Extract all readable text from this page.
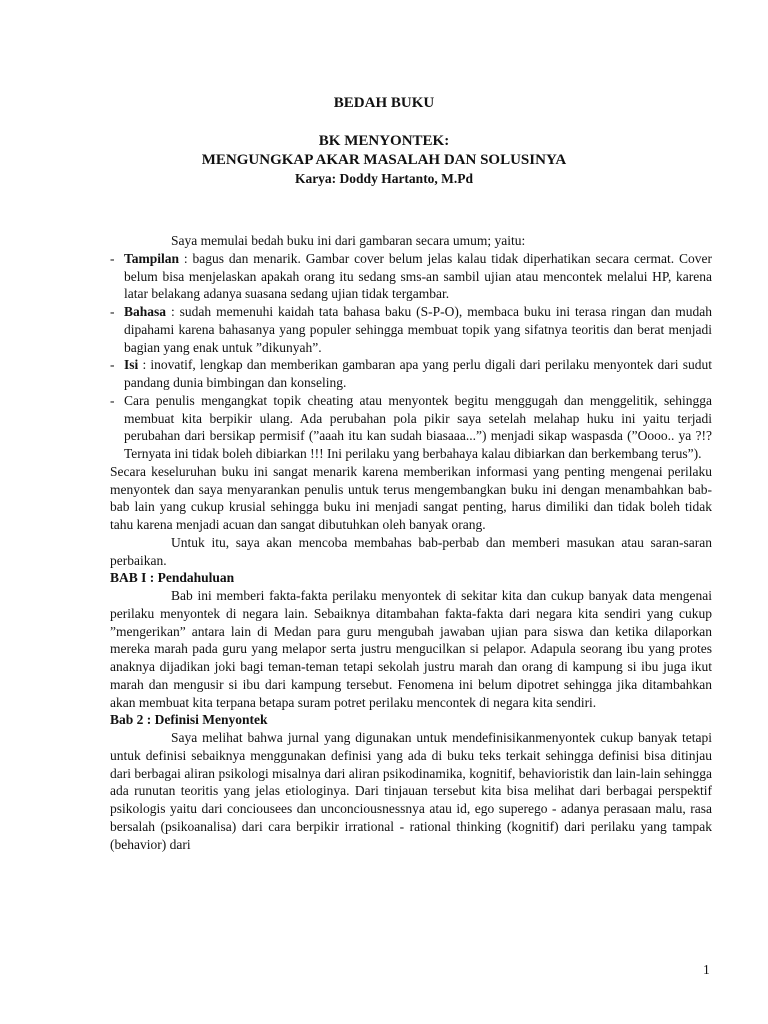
BEDAH BUKU
BK MENYONTEK:
MENGUNGKAP AKAR MASALAH DAN SOLUSINYA
Karya: Doddy Hartanto, M.Pd

Saya memulai bedah buku ini dari gambaran secara umum; yaitu:

- Tampilan : bagus dan menarik. Gambar cover belum jelas kalau tidak diperhatikan secara cermat. Cover belum bisa menjelaskan apakah orang itu sedang sms-an sambil ujian atau mencontek melalui HP, karena latar belakang adanya suasana sedang ujian tidak tergambar.
- Bahasa : sudah memenuhi kaidah tata bahasa baku (S-P-O), membaca buku ini terasa ringan dan mudah dipahami karena bahasanya yang populer sehingga membuat topik yang sifatnya teoritis dan berat menjadi bagian yang enak untuk ”dikunyah”.
- Isi : inovatif, lengkap dan memberikan gambaran apa yang perlu digali dari perilaku menyontek dari sudut pandang dunia bimbingan dan konseling.
- Cara penulis mengangkat topik cheating atau menyontek begitu menggugah dan menggelitik, sehingga membuat kita berpikir ulang. Ada perubahan pola pikir saya setelah melahap huku ini yaitu terjadi perubahan dari bersikap permisif (”aaah itu kan sudah biasaaa...”) menjadi sikap waspasda (”Oooo.. ya ?!? Ternyata ini tidak boleh dibiarkan !!! Ini perilaku yang berbahaya kalau dibiarkan dan berkembang terus”).

Secara keseluruhan buku ini sangat menarik karena memberikan informasi yang penting mengenai perilaku menyontek dan saya menyarankan penulis untuk terus mengembangkan buku ini dengan menambahkan bab-bab lain yang cukup krusial sehingga buku ini menjadi sangat penting, harus dimiliki dan tidak boleh tidak tahu karena menjadi acuan dan sangat dibutuhkan oleh banyak orang.

Untuk itu, saya akan mencoba membahas bab-perbab dan memberi masukan atau saran-saran perbaikan.

BAB I : Pendahuluan

Bab ini memberi fakta-fakta perilaku menyontek di sekitar kita dan cukup banyak data mengenai perilaku menyontek di negara lain. Sebaiknya ditambahan fakta-fakta dari negara kita sendiri yang cukup ”mengerikan” antara lain di Medan para guru mengubah jawaban ujian para siswa dan ketika dilaporkan mereka marah pada guru yang melapor serta justru mengucilkan si pelapor. Adapula seorang ibu yang protes anaknya dijadikan joki bagi teman-teman tetapi sekolah justru marah dan orang di kampung si ibu juga ikut marah dan mengusir si ibu dari kampung tersebut. Fenomena ini belum dipotret sehingga jika ditambahkan akan membuat kita terpana betapa suram potret perilaku mencontek di negara kita sendiri.

Bab 2 : Definisi Menyontek

Saya melihat bahwa jurnal yang digunakan untuk mendefinisikanmenyontek cukup banyak tetapi untuk definisi sebaiknya menggunakan definisi yang ada di buku teks terkait sehingga definisi bisa ditinjau dari berbagai aliran psikologi misalnya dari aliran psikodinamika, kognitif, behavioristik dan lain-lain sehingga ada runutan teoritis yang jelas etiologinya. Dari tinjauan tersebut kita bisa melihat dari berbagai perspektif psikologis yaitu dari conciousees dan unconciousnessnya atau id, ego superego - adanya perasaan malu, rasa bersalah (psikoanalisa) dari cara berpikir irrational - rational thinking (kognitif) dari perilaku yang tampak (behavior) dari

1
